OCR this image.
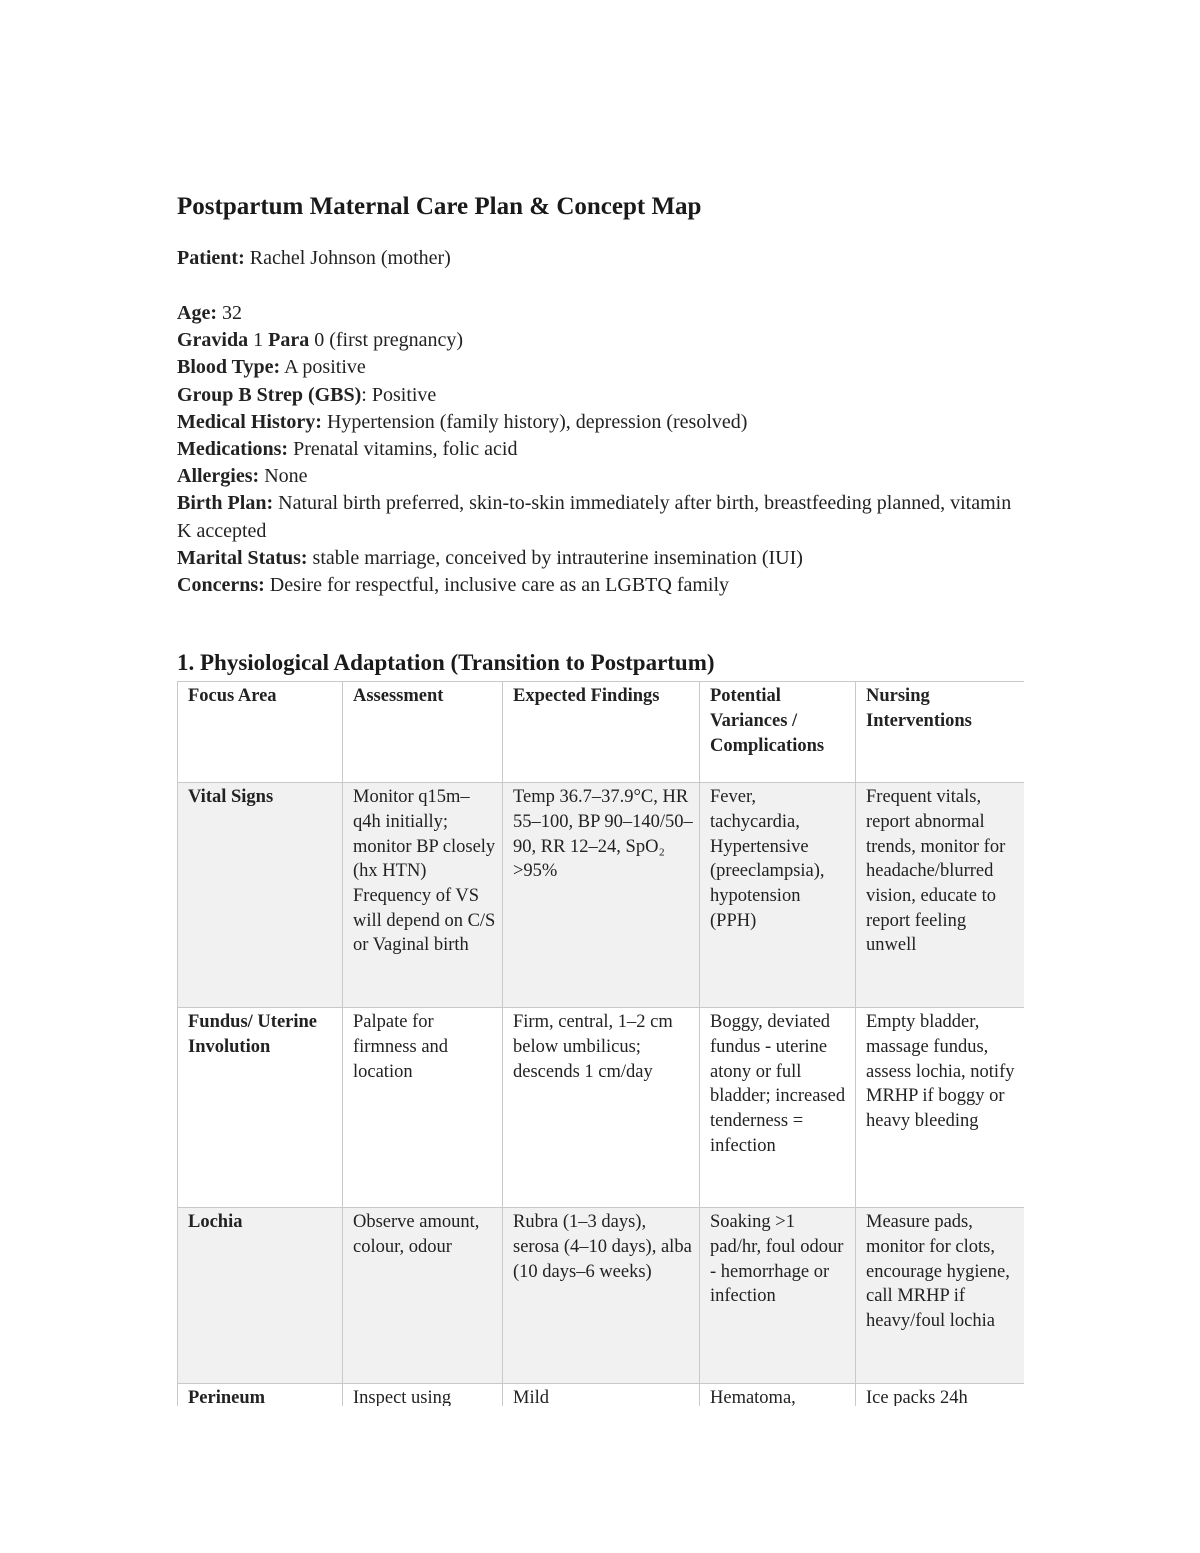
Postpartum Maternal Care Plan & Concept Map
Patient: Rachel Johnson (mother)
Age: 32
Gravida 1 Para 0 (first pregnancy)
Blood Type: A positive
Group B Strep (GBS): Positive
Medical History: Hypertension (family history), depression (resolved)
Medications: Prenatal vitamins, folic acid
Allergies: None
Birth Plan: Natural birth preferred, skin-to-skin immediately after birth, breastfeeding planned, vitamin K accepted
Marital Status: stable marriage, conceived by intrauterine insemination (IUI)
Concerns: Desire for respectful, inclusive care as an LGBTQ family
1. Physiological Adaptation (Transition to Postpartum)
Focus Area	Assessment	Expected Findings	Potential Variances / Complications	Nursing Interventions
Vital Signs	Monitor q15m–q4h initially; monitor BP closely (hx HTN) Frequency of VS will depend on C/S or Vaginal birth	Temp 36.7–37.9°C, HR 55–100, BP 90–140/50–90, RR 12–24, SpO₂ >95%	Fever, tachycardia, Hypertensive (preeclampsia), hypotension (PPH)	Frequent vitals, report abnormal trends, monitor for headache/blurred vision, educate to report feeling unwell
Fundus/ Uterine Involution	Palpate for firmness and location	Firm, central, 1–2 cm below umbilicus; descends 1 cm/day	Boggy, deviated fundus - uterine atony or full bladder; increased tenderness = infection	Empty bladder, massage fundus, assess lochia, notify MRHP if boggy or heavy bleeding
Lochia	Observe amount, colour, odour	Rubra (1–3 days), serosa (4–10 days), alba (10 days–6 weeks)	Soaking >1 pad/hr, foul odour - hemorrhage or infection	Measure pads, monitor for clots, encourage hygiene, call MRHP if heavy/foul lochia
Perineum	Inspect using	Mild	Hematoma,	Ice packs 24h
